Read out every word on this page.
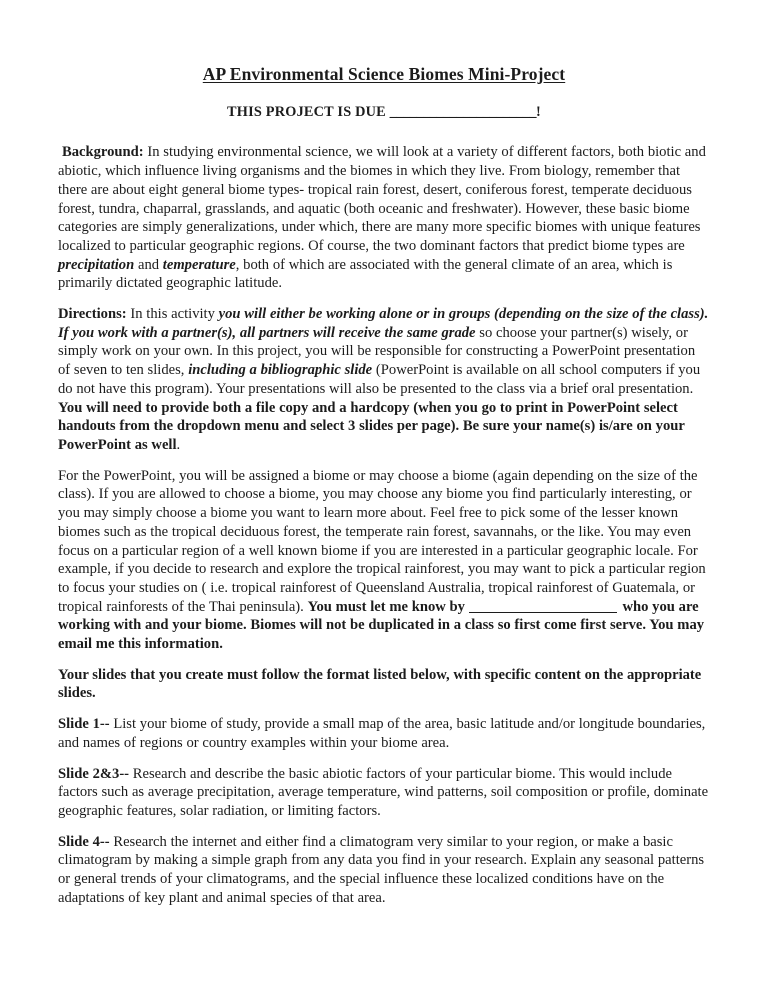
AP Environmental Science Biomes Mini-Project
THIS PROJECT IS DUE ______________________!

Background: In studying environmental science, we will look at a variety of different factors, both biotic and abiotic, which influence living organisms and the biomes in which they live. From biology, remember that there are about eight general biome types- tropical rain forest, desert, coniferous forest, temperate deciduous forest, tundra, chaparral, grasslands, and aquatic (both oceanic and freshwater). However, these basic biome categories are simply generalizations, under which, there are many more specific biomes with unique features localized to particular geographic regions. Of course, the two dominant factors that predict biome types are precipitation and temperature, both of which are associated with the general climate of an area, which is primarily dictated geographic latitude.

Directions: In this activity you will either be working alone or in groups (depending on the size of the class). If you work with a partner(s), all partners will receive the same grade so choose your partner(s) wisely, or simply work on your own. In this project, you will be responsible for constructing a PowerPoint presentation of seven to ten slides, including a bibliographic slide (PowerPoint is available on all school computers if you do not have this program). Your presentations will also be presented to the class via a brief oral presentation. You will need to provide both a file copy and a hardcopy (when you go to print in PowerPoint select handouts from the dropdown menu and select 3 slides per page). Be sure your name(s) is/are on your PowerPoint as well.

For the PowerPoint, you will be assigned a biome or may choose a biome (again depending on the size of the class). If you are allowed to choose a biome, you may choose any biome you find particularly interesting, or you may simply choose a biome you want to learn more about. Feel free to pick some of the lesser known biomes such as the tropical deciduous forest, the temperate rain forest, savannahs, or the like. You may even focus on a particular region of a well known biome if you are interested in a particular geographic locale. For example, if you decide to research and explore the tropical rainforest, you may want to pick a particular region to focus your studies on ( i.e. tropical rainforest of Queensland Australia, tropical rainforest of Guatemala, or tropical rainforests of the Thai peninsula). You must let me know by	who you are working with and your biome. Biomes will not be duplicated in a class so first come first serve. You may email me this information.

Your slides that you create must follow the format listed below, with specific content on the appropriate slides.

Slide 1-- List your biome of study, provide a small map of the area, basic latitude and/or longitude boundaries, and names of regions or country examples within your biome area.

Slide 2&3-- Research and describe the basic abiotic factors of your particular biome. This would include factors such as average precipitation, average temperature, wind patterns, soil composition or profile, dominate geographic features, solar radiation, or limiting factors.

Slide 4-- Research the internet and either find a climatogram very similar to your region, or make a basic climatogram by making a simple graph from any data you find in your research. Explain any seasonal patterns or general trends of your climatograms, and the special influence these localized conditions have on the adaptations of key plant and animal species of that area.
